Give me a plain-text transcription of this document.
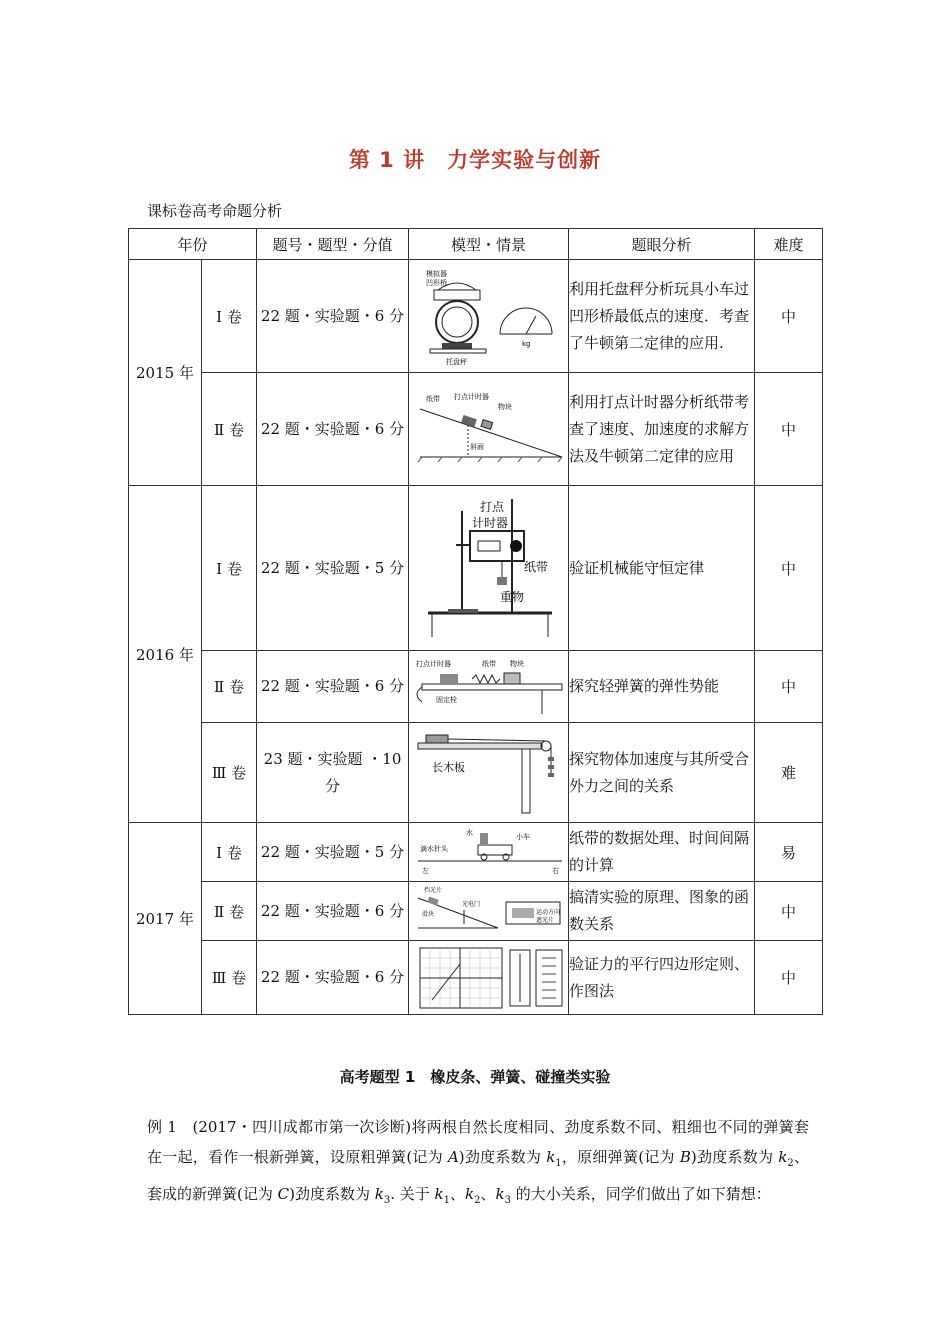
第 1 讲　力学实验与创新
课标卷高考命题分析
年份		题号・题型・分值	模型・情景	题眼分析	难度
2015 年	Ⅰ 卷	22 题・实验题・6 分	模拟器
凹形桥
托盘秤
kg	利用托盘秤分析玩具小车过凹形桥最低点的速度．考查了牛顿第二定律的应用.	中
	Ⅱ 卷	22 题・实验题・6 分	纸带 打点计时器
物块
斜面	利用打点计时器分析纸带考查了速度、加速度的求解方法及牛顿第二定律的应用	中
2016 年	Ⅰ 卷	22 题・实验题・5 分	打点
计时器
纸带
重物	验证机械能守恒定律	中
	Ⅱ 卷	22 题・实验题・6 分	打点计时器 纸带 物块
固定栓	探究轻弹簧的弹性势能	中
	Ⅲ 卷	23 题・实验题 ・10 分	长木板	探究物体加速度与其所受合外力之间的关系	难
2017 年	Ⅰ 卷	22 题・实验题・5 分	水 小车
滴水针头
左 右	纸带的数据处理、时间间隔的计算	易
	Ⅱ 卷	22 题・实验题・6 分	挡光片
滑块
光电门
运动方向
遮光片	搞清实验的原理、图象的函数关系	中
	Ⅲ 卷	22 题・实验题・6 分		验证力的平行四边形定则、作图法	中
高考题型 1　橡皮条、弹簧、碰撞类实验

例 1　(2017・四川成都市第一次诊断)将两根自然长度相同、劲度系数不同、粗细也不同的弹簧套在一起，看作一根新弹簧，设原粗弹簧(记为 A)劲度系数为 $k_1$，原细弹簧(记为 B)劲度系数为 $k_2$、套成的新弹簧(记为 C)劲度系数为 $k_3$. 关于 $k_1$、$k_2$、$k_3$ 的大小关系，同学们做出了如下猜想：
